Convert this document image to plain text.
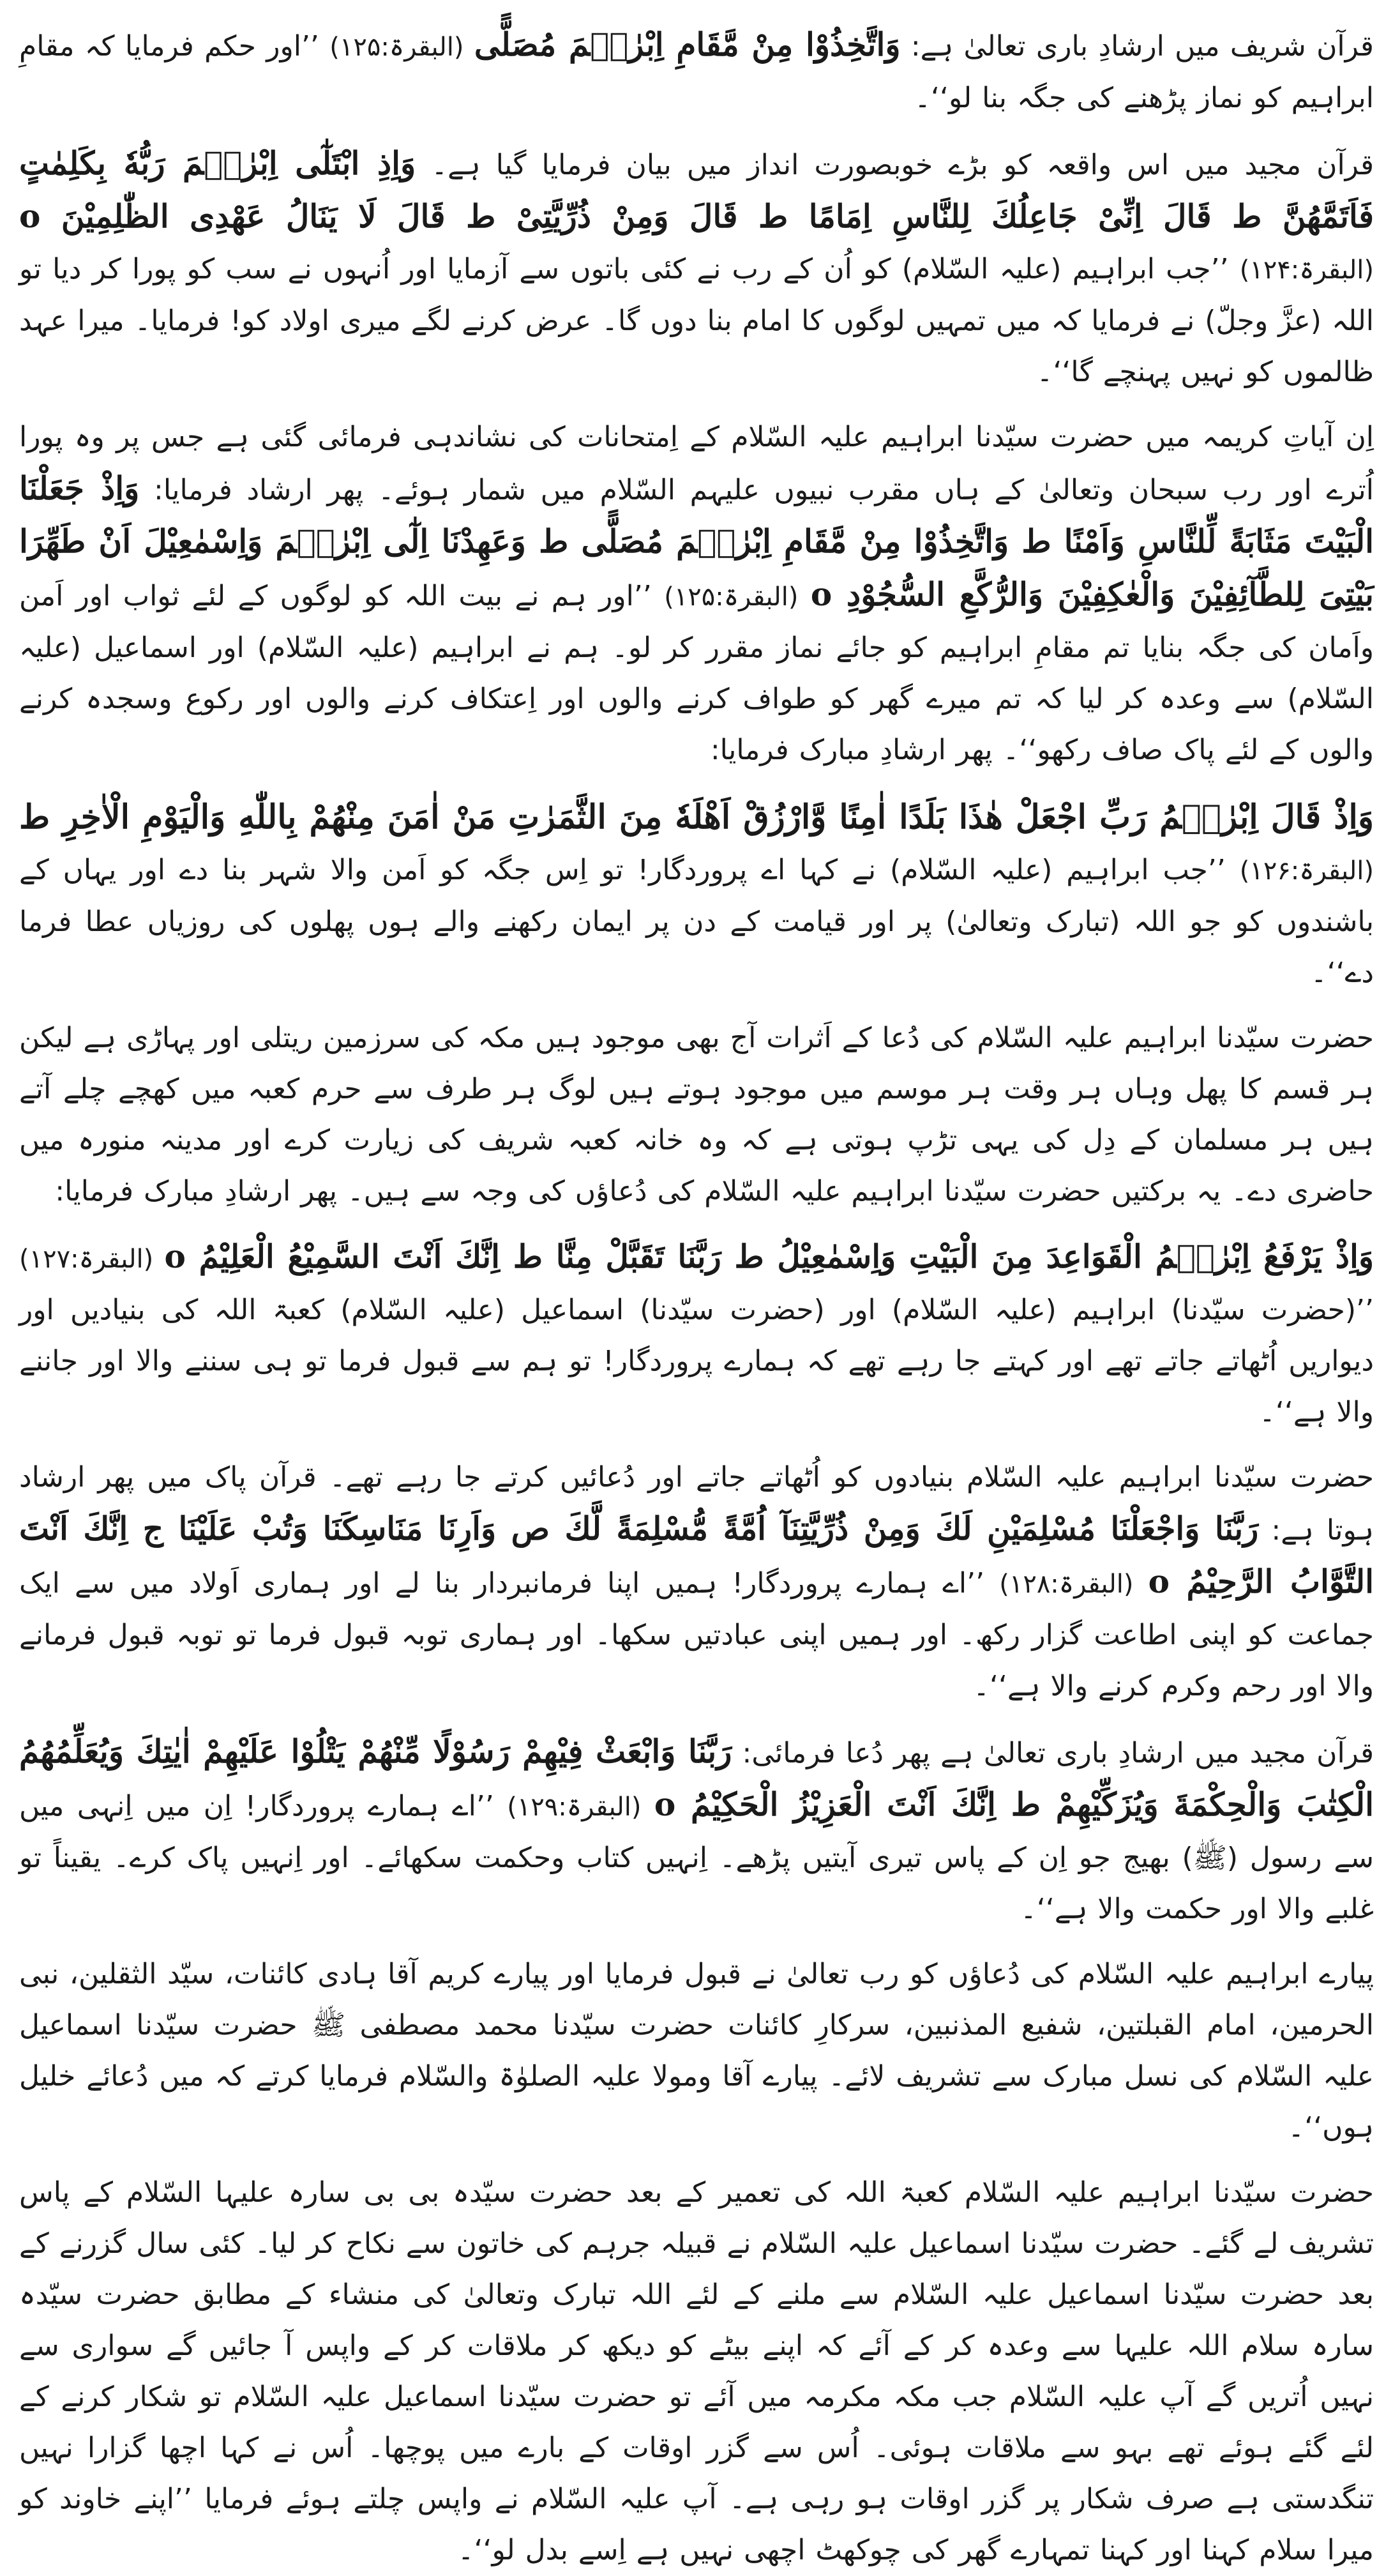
قرآن شریف میں ارشادِ باری تعالیٰ ہے: وَاتَّخِذُوْا مِنْ مَّقَامِ اِبْرٰھٖمَ مُصَلًّی (البقرۃ:۱۲۵) ’’اور حکم فرمایا کہ مقامِ ابراہیم کو نماز پڑھنے کی جگہ بنا لو‘‘۔

قرآن مجید میں اس واقعہ کو بڑے خوبصورت انداز میں بیان فرمایا گیا ہے۔ وَاِذِ ابْتَلٰٓی اِبْرٰھٖمَ رَبُّهٗ بِكَلِمٰتٍ فَاَتَمَّهُنَّ ط قَالَ اِنِّیْ جَاعِلُكَ لِلنَّاسِ اِمَامًا ط قَالَ وَمِنْ ذُرِّیَّتِیْ ط قَالَ لَا یَنَالُ عَهْدِی الظّٰلِمِیْنَ o (البقرۃ:۱۲۴) ’’جب ابراہیم (علیہ السّلام) کو اُن کے رب نے کئی باتوں سے آزمایا اور اُنہوں نے سب کو پورا کر دیا تو اللہ (عزَّ وجلّ) نے فرمایا کہ میں تمہیں لوگوں کا امام بنا دوں گا۔ عرض کرنے لگے میری اولاد کو! فرمایا۔ میرا عہد ظالموں کو نہیں پہنچے گا‘‘۔

اِن آیاتِ کریمہ میں حضرت سیّدنا ابراہیم علیہ السّلام کے اِمتحانات کی نشاندہی فرمائی گئی ہے جس پر وہ پورا اُترے اور رب سبحان وتعالیٰ کے ہاں مقرب نبیوں علیہم السّلام میں شمار ہوئے۔ پھر ارشاد فرمایا: وَاِذْ جَعَلْنَا الْبَیْتَ مَثَابَةً لِّلنَّاسِ وَاَمْنًا ط وَاتَّخِذُوْا مِنْ مَّقَامِ اِبْرٰھٖمَ مُصَلًّی ط وَعَهِدْنَا اِلٰٓی اِبْرٰھٖمَ وَاِسْمٰعِیْلَ اَنْ طَهِّرَا بَیْتِیَ لِلطَّآئِفِیْنَ وَالْعٰكِفِیْنَ وَالرُّكَّعِ السُّجُوْدِ o (البقرۃ:۱۲۵) ’’اور ہم نے بیت اللہ کو لوگوں کے لئے ثواب اور اَمن واَمان کی جگہ بنایا تم مقامِ ابراہیم کو جائے نماز مقرر کر لو۔ ہم نے ابراہیم (علیہ السّلام) اور اسماعیل (علیہ السّلام) سے وعدہ کر لیا کہ تم میرے گھر کو طواف کرنے والوں اور اِعتکاف کرنے والوں اور رکوع وسجدہ کرنے والوں کے لئے پاک صاف رکھو‘‘۔ پھر ارشادِ مبارک فرمایا:

وَاِذْ قَالَ اِبْرٰھٖمُ رَبِّ اجْعَلْ هٰذَا بَلَدًا اٰمِنًا وَّارْزُقْ اَهْلَهٗ مِنَ الثَّمَرٰتِ مَنْ اٰمَنَ مِنْهُمْ بِاللّٰهِ وَالْیَوْمِ الْاٰخِرِ ط

(البقرۃ:۱۲۶) ’’جب ابراہیم (علیہ السّلام) نے کہا اے پروردگار! تو اِس جگہ کو اَمن والا شہر بنا دے اور یہاں کے باشندوں کو جو اللہ (تبارک وتعالیٰ) پر اور قیامت کے دن پر ایمان رکھنے والے ہوں پھلوں کی روزیاں عطا فرما دے‘‘۔

حضرت سیّدنا ابراہیم علیہ السّلام کی دُعا کے اَثرات آج بھی موجود ہیں مکہ کی سرزمین ریتلی اور پہاڑی ہے لیکن ہر قسم کا پھل وہاں ہر وقت ہر موسم میں موجود ہوتے ہیں لوگ ہر طرف سے حرم کعبہ میں کھچے چلے آتے ہیں ہر مسلمان کے دِل کی یہی تڑپ ہوتی ہے کہ وہ خانہ کعبہ شریف کی زیارت کرے اور مدینہ منورہ میں حاضری دے۔ یہ برکتیں حضرت سیّدنا ابراہیم علیہ السّلام کی دُعاؤں کی وجہ سے ہیں۔ پھر ارشادِ مبارک فرمایا:

وَاِذْ یَرْفَعُ اِبْرٰھٖمُ الْقَوَاعِدَ مِنَ الْبَیْتِ وَاِسْمٰعِیْلُ ط رَبَّنَا تَقَبَّلْ مِنَّا ط اِنَّكَ اَنْتَ السَّمِیْعُ الْعَلِیْمُ o (البقرۃ:۱۲۷) ’’(حضرت سیّدنا) ابراہیم (علیہ السّلام) اور (حضرت سیّدنا) اسماعیل (علیہ السّلام) کعبۃ اللہ کی بنیادیں اور دیواریں اُٹھاتے جاتے تھے اور کہتے جا رہے تھے کہ ہمارے پروردگار! تو ہم سے قبول فرما تو ہی سننے والا اور جاننے والا ہے‘‘۔

حضرت سیّدنا ابراہیم علیہ السّلام بنیادوں کو اُٹھاتے جاتے اور دُعائیں کرتے جا رہے تھے۔ قرآن پاک میں پھر ارشاد ہوتا ہے: رَبَّنَا وَاجْعَلْنَا مُسْلِمَیْنِ لَكَ وَمِنْ ذُرِّیَّتِنَآ اُمَّةً مُّسْلِمَةً لَّكَ ص وَاَرِنَا مَنَاسِكَنَا وَتُبْ عَلَیْنَا ج اِنَّكَ اَنْتَ التَّوَّابُ الرَّحِیْمُ o (البقرۃ:۱۲۸) ’’اے ہمارے پروردگار! ہمیں اپنا فرمانبردار بنا لے اور ہماری اَولاد میں سے ایک جماعت کو اپنی اطاعت گزار رکھ۔ اور ہمیں اپنی عبادتیں سکھا۔ اور ہماری توبہ قبول فرما تو توبہ قبول فرمانے والا اور رحم وکرم کرنے والا ہے‘‘۔

قرآن مجید میں ارشادِ باری تعالیٰ ہے پھر دُعا فرمائی: رَبَّنَا وَابْعَثْ فِیْهِمْ رَسُوْلًا مِّنْهُمْ یَتْلُوْا عَلَیْهِمْ اٰیٰتِكَ وَیُعَلِّمُهُمُ الْكِتٰبَ وَالْحِكْمَةَ وَیُزَكِّیْهِمْ ط اِنَّكَ اَنْتَ الْعَزِیْزُ الْحَكِیْمُ o (البقرۃ:۱۲۹) ’’اے ہمارے پروردگار! اِن میں اِنہی میں سے رسول (ﷺ) بھیج جو اِن کے پاس تیری آیتیں پڑھے۔ اِنہیں کتاب وحکمت سکھائے۔ اور اِنہیں پاک کرے۔ یقیناً تو غلبے والا اور حکمت والا ہے‘‘۔

پیارے ابراہیم علیہ السّلام کی دُعاؤں کو رب تعالیٰ نے قبول فرمایا اور پیارے کریم آقا ہادی کائنات، سیّد الثقلین، نبی الحرمین، امام القبلتین، شفیع المذنبین، سرکارِ کائنات حضرت سیّدنا محمد مصطفی ﷺ حضرت سیّدنا اسماعیل علیہ السّلام کی نسل مبارک سے تشریف لائے۔ پیارے آقا ومولا علیہ الصلوٰۃ والسّلام فرمایا کرتے کہ میں دُعائے خلیل ہوں‘‘۔

حضرت سیّدنا ابراہیم علیہ السّلام کعبۃ اللہ کی تعمیر کے بعد حضرت سیّدہ بی بی سارہ علیہا السّلام کے پاس تشریف لے گئے۔ حضرت سیّدنا اسماعیل علیہ السّلام نے قبیلہ جرہم کی خاتون سے نکاح کر لیا۔ کئی سال گزرنے کے بعد حضرت سیّدنا اسماعیل علیہ السّلام سے ملنے کے لئے اللہ تبارک وتعالیٰ کی منشاء کے مطابق حضرت سیّدہ سارہ سلام اللہ علیہا سے وعدہ کر کے آئے کہ اپنے بیٹے کو دیکھ کر ملاقات کر کے واپس آ جائیں گے سواری سے نہیں اُتریں گے آپ علیہ السّلام جب مکہ مکرمہ میں آئے تو حضرت سیّدنا اسماعیل علیہ السّلام تو شکار کرنے کے لئے گئے ہوئے تھے بہو سے ملاقات ہوئی۔ اُس سے گزر اوقات کے بارے میں پوچھا۔ اُس نے کہا اچھا گزارا نہیں تنگدستی ہے صرف شکار پر گزر اوقات ہو رہی ہے۔ آپ علیہ السّلام نے واپس چلتے ہوئے فرمایا ’’اپنے خاوند کو میرا سلام کہنا اور کہنا تمہارے گھر کی چوکھٹ اچھی نہیں ہے اِسے بدل لو‘‘۔
